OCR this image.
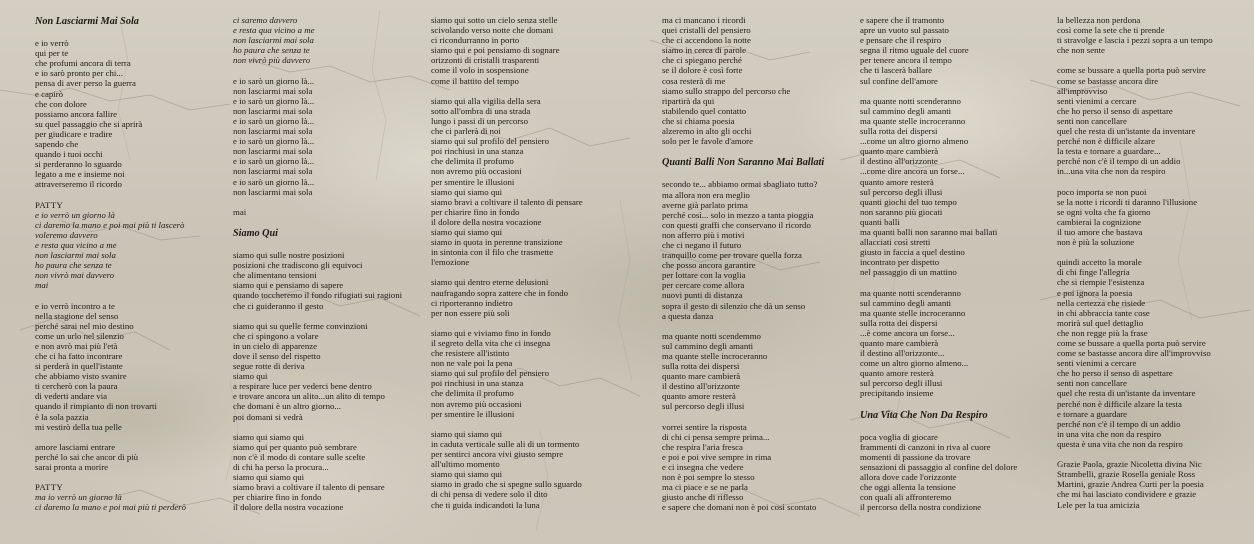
Non Lasciarmi Mai Sola
e io verrò
qui per te
che profumi ancora di terra
e io sarò pronto per chi...
pensa di aver perso la guerra
e capirò
che con dolore
possiamo ancora fallire
su quel passaggio che si aprirà
per giudicare e tradire
sapendo che
quando i tuoi occhi
si perderanno lo sguardo
legato a me e insieme noi
attraverseremo il ricordo
PATTY
e io verrò un giorno là
ci daremo la mano e poi mai più ti lascerò
voleremo davvero
e resta qua vicino a me
non lasciarmi mai sola
ho paura che senza te
non vivrò mai davvero
mai
e io verrò incontro a te
nella stagione del senso
perché sarai nel mio destino
come un urlo nel silenzio
e non avrò mai più l'età
che ci ha fatto incontrare
si perderà in quell'istante
che abbiamo visto svanire
ti cercherò con la paura
di vederti andare via
quando il rimpianto di non trovarti
è la sola pazzia
mi vestirò della tua pelle
amore lasciami entrare
perché lo sai che ancor di più
sarai pronta a morire
PATTY
ma io verrò un giorno là
ci daremo la mano e poi mai più ti perderò
ci saremo davvero
e resta qua vicino a me
non lasciarmi mai sola
ho paura che senza te
non vivrò più davvero
e io sarò un giorno là...
non lasciarmi mai sola
e io sarò un giorno là...
non lasciarmi mai sola
e io sarò un giorno là...
non lasciarmi mai sola
e io sarò un giorno là...
non lasciarmi mai sola
e io sarò un giorno là...
non lasciarmi mai sola
e io sarò un giorno là...
non lasciarmi mai sola
mai
Siamo Qui
siamo qui sulle nostre posizioni
posizioni che tradiscono gli equivoci
che alimentano tensioni
siamo qui e pensiamo di sapere
quando toccheremo il fondo rifugiati sui ragioni
che ci guideranno il gesto
siamo qui su quelle ferme convinzioni
che ci spingono a volare
in un cielo di apparenze
dove il senso del rispetto
segue rotte di deriva
siamo qui
a respirare luce per vederci bene dentro
e trovare ancora un alito...un alito di tempo
che domani è un altro giorno...
poi domani si vedrà
siamo qui siamo qui
siamo qui per quanto può sembrare
non c'è il modo di contare sulle scelte
di chi ha perso la procura...
siamo qui siamo qui
siamo bravi a coltivare il talento di pensare
per chiarire fino in fondo
il dolore della nostra vocazione
siamo qui sotto un cielo senza stelle
scivolando verso notte che domani
ci ricondurranno in porto
siamo qui e poi pensiamo di sognare
orizzonti di cristalli trasparenti
come il volo in sospensione
come il battito del tempo
siamo qui alla vigilia della sera
sotto all'ombra di una strada
lungo i passi di un percorso
che ci parlerà di noi
siamo qui sul profilo del pensiero
poi rinchiusi in una stanza
che delimita il profumo
non avremo più occasioni
per smentire le illusioni
siamo qui siamo qui
siamo bravi a coltivare il talento di pensare
per chiarire fino in fondo
il dolore della nostra vocazione
siamo qui siamo qui
siamo in quota in perenne transizione
in sintonia con il filo che trasmette
l'emozione
siamo qui dentro eterne delusioni
naufragando sopra zattere che in fondo
ci riporteranno indietro
per non essere più soli
siamo qui e viviamo fino in fondo
il segreto della vita che ci insegna
che resistere all'istinto
non ne vale poi la pena
siamo qui sul profilo del pensiero
poi rinchiusi in una stanza
che delimita il profumo
non avremo più occasioni
per smentire le illusioni
siamo qui siamo qui
in caduta verticale sulle ali di un tormento
per sentirci ancora vivi giusto sempre
all'ultimo momento
siamo qui siamo qui
siamo in grado che si spegne sullo sguardo
di chi pensa di vedere solo il dito
che ti guida indicandoti la luna
ma ci mancano i ricordi
quei cristalli del pensiero
che ci accendono la notte
siamo in cerca di parole
che ci spiegano perché
se il dolore è così forte
cosa resterà di me
siamo sullo strappo del percorso che
ripartirà da qui
stabilendo quel contatto
che si chiama poesia
alzeremo in alto gli occhi
solo per le favole d'amore
Quanti Balli Non Saranno Mai Ballati
secondo te... abbiamo ormai sbagliato tutto?
ma allora non era meglio
averne già parlato prima
perché così... solo in mezzo a tanta pioggia
con questi graffi che conservano il ricordo
non afferro più i motivi
che ci negano il futuro
tranquillo come per trovare quella forza
che posso ancora garantire
per lottare con la voglia
per cercare come allora
nuovi punti di distanza
sopra il gesto di silenzio che dà un senso
a questa danza
ma quante notti scendemmo
sul cammino degli amanti
ma quante stelle incroceranno
sulla rotta dei dispersi
quanto mare cambierà
il destino all'orizzonte
quanto amore resterà
sul percorso degli illusi
vorrei sentire la risposta
di chi ci pensa sempre prima...
che respira l'aria fresca
e poi e poi vive sempre in rima
e ci insegna che vedere
non è poi sempre lo stesso
ma ci piace e se ne parla
giusto anche di riflesso
e sapere che domani non è poi così scontato
e sapere che il tramonto
apre un vuoto sul passato
e pensare che il respiro
segna il ritmo uguale del cuore
per tenere ancora il tempo
che ti lascerà ballare
sul confine dell'amore
ma quante notti scenderanno
sul cammino degli amanti
ma quante stelle incroceranno
sulla rotta dei dispersi
...come un altro giorno almeno
quanto mare cambierà
il destino all'orizzonte
...come dire ancora un forse...
quanto amore resterà
sul percorso degli illusi
quanti giochi del tuo tempo
non saranno più giocati
quanti balli
ma quanti balli non saranno mai ballati
allacciati così stretti
giusto in faccia a quel destino
incontrato per dispetto
nel passaggio di un mattino
ma quante notti scenderanno
sul cammino degli amanti
ma quante stelle incroceranno
sulla rotta dei dispersi
...è come ancora un forse...
quanto mare cambierà
il destino all'orizzonte...
come un altro giorno almeno...
quanto amore resterà
sul percorso degli illusi
precipitando insieme
Una Vita Che Non Da Respiro
poca voglia di giocare
frammenti di canzoni in riva al cuore
momenti di passione da trovare
sensazioni di passaggio al confine del dolore
allora dove cade l'orizzonte
che oggi allenta la tensione
con quali ali affronteremo
il percorso della nostra condizione
la bellezza non perdona
così come la sete che ti prende
ti stravolge e lascia i pezzi sopra a un tempo
che non sente
come se bussare a quella porta può servire
come se bastasse ancora dire
all'improvviso
senti vienimi a cercare
che ho perso il senso di aspettare
senti non cancellare
quel che resta di un'istante da inventare
perché non è difficile alzare
la testa e tornare a guardare...
perché non c'è il tempo di un addio
in...una vita che non da respiro
poco importa se non puoi
se la notte i ricordi ti daranno l'illusione
se ogni volta che fa giorno
cambierai la cognizione
il tuo amore che bastava
non è più la soluzione
quindi accetto la morale
di chi finge l'allegria
che si riempie l'esistenza
e poi ignora la poesia
nella certezza che risiede
in chi abbraccia tante cose
morirà sul quel dettaglio
che non regge più la frase
come se bussare a quella porta può servire
come se bastasse ancora dire all'improvviso
senti vienimi a cercare
che ho perso il senso di aspettare
senti non cancellare
quel che resta di un'istante da inventare
perché non è difficile alzare la testa
e tornare a guardare
perché non c'è il tempo di un addio
in una vita che non da respiro
questa è una vita che non da respiro
Grazie Paola, grazie Nicoletta divina Nic
Strambelli, grazie Rosella geniale Ross
Martini, grazie Andrea Curti per la poesia
che mi hai lasciato condividere e grazie
Lele per la tua amicizia
